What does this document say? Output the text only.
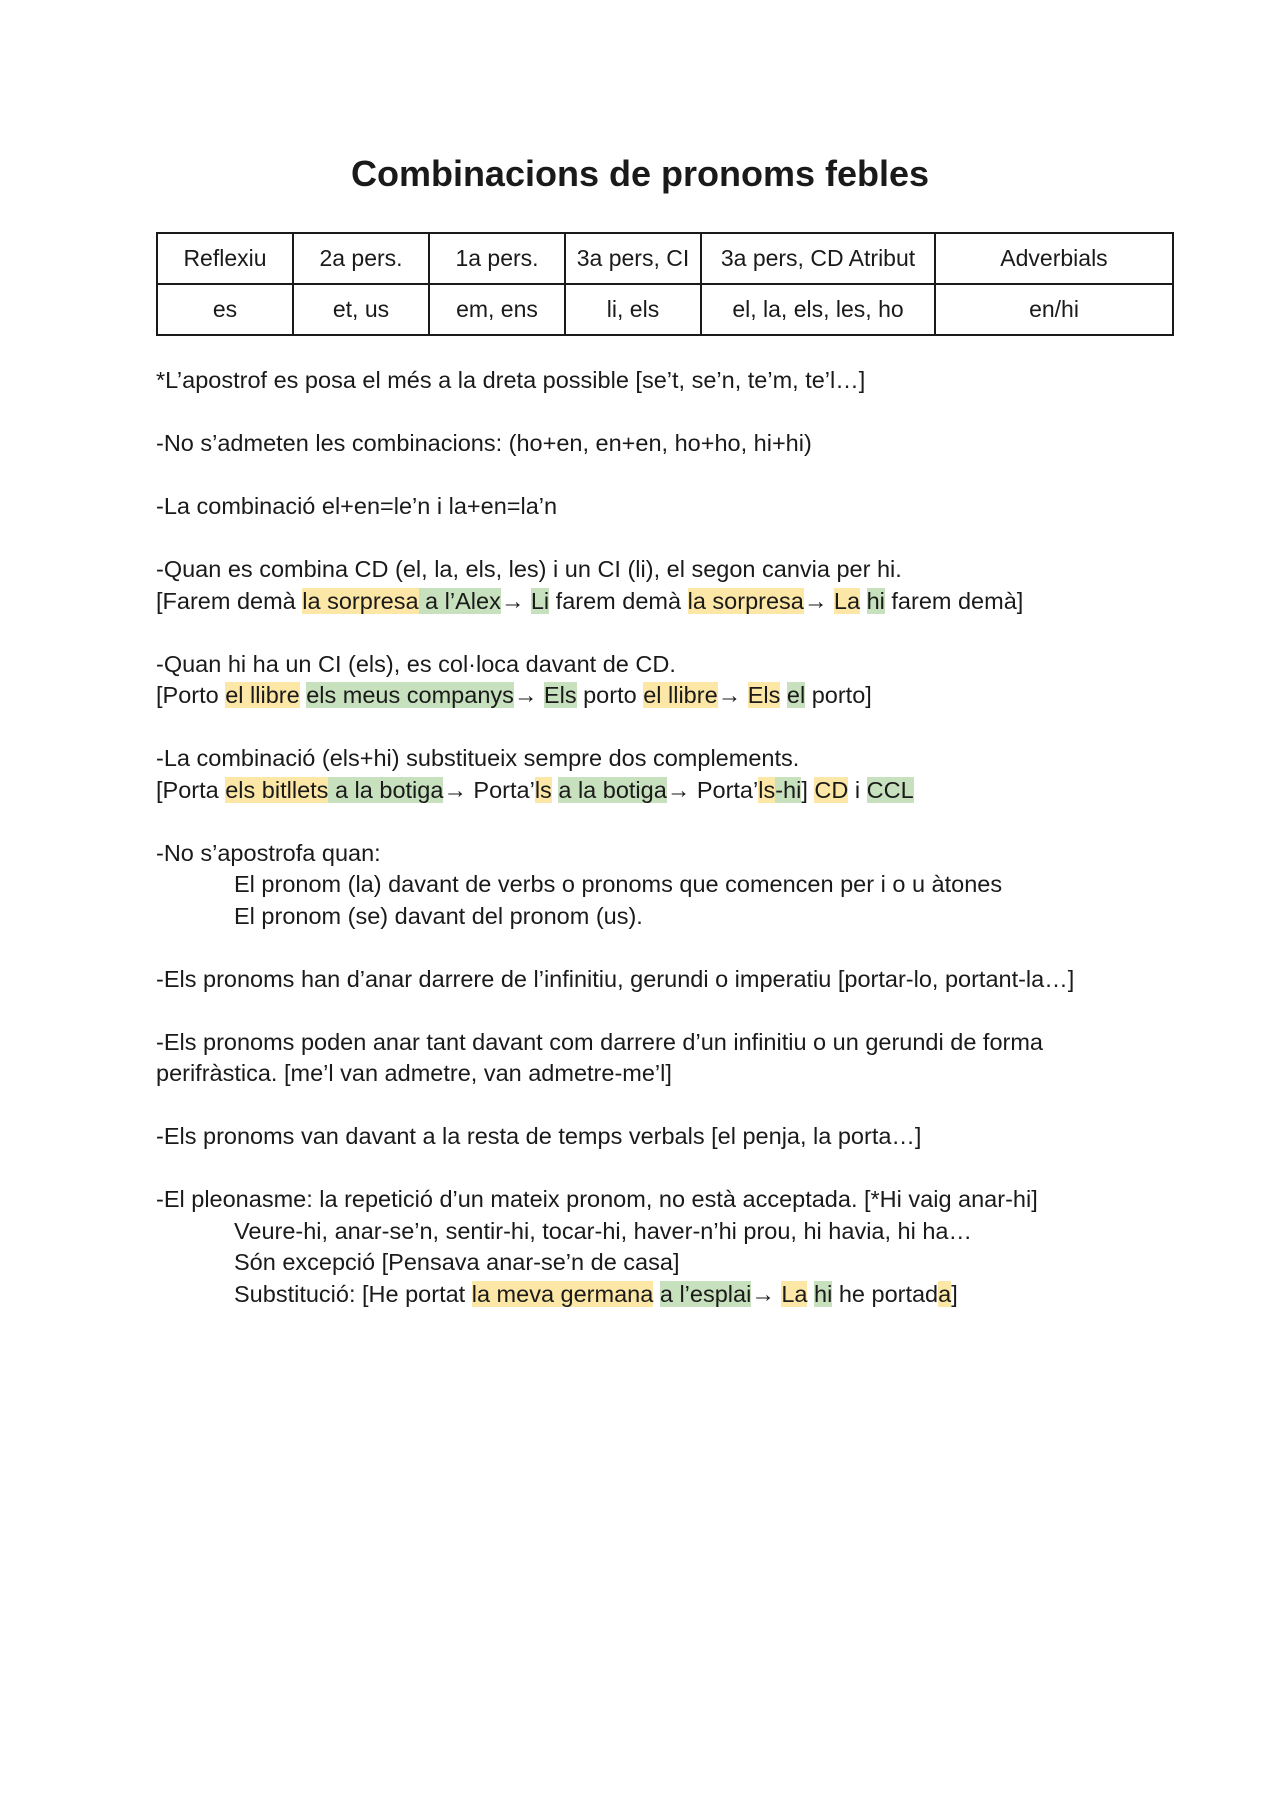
Combinacions de pronoms febles
Reflexiu	2a pers.	1a pers.	3a pers, CI	3a pers, CD Atribut	Adverbials
es	et, us	em, ens	li, els	el, la, els, les, ho	en/hi

*L’apostrof es posa el més a la dreta possible [se’t, se’n, te’m, te’l…]

-No s’admeten les combinacions: (ho+en, en+en, ho+ho, hi+hi)

-La combinació el+en=le’n i la+en=la’n

-Quan es combina CD (el, la, els, les) i un CI (li), el segon canvia per hi.

[Farem demà la sorpresa a l’Alex→ Li farem demà la sorpresa→ La hi farem demà]

-Quan hi ha un CI (els), es col·loca davant de CD.

[Porto el llibre els meus companys→ Els porto el llibre→ Els el porto]

-La combinació (els+hi) substitueix sempre dos complements.

[Porta els bitllets a la botiga→ Porta’ls a la botiga→ Porta’ls-hi] CD i CCL

-No s’apostrofa quan:

El pronom (la) davant de verbs o pronoms que comencen per i o u àtones

El pronom (se) davant del pronom (us).

-Els pronoms han d’anar darrere de l’infinitiu, gerundi o imperatiu [portar-lo, portant-la…]

-Els pronoms poden anar tant davant com darrere d’un infinitiu o un gerundi de forma perifràstica. [me’l van admetre, van admetre-me’l]

-Els pronoms van davant a la resta de temps verbals [el penja, la porta…]

-El pleonasme: la repetició d’un mateix pronom, no està acceptada. [*Hi vaig anar-hi]

Veure-hi, anar-se’n, sentir-hi, tocar-hi, haver-n’hi prou, hi havia, hi ha…

Són excepció [Pensava anar-se’n de casa]

Substitució: [He portat la meva germana a l’esplai→ La hi he portada]
